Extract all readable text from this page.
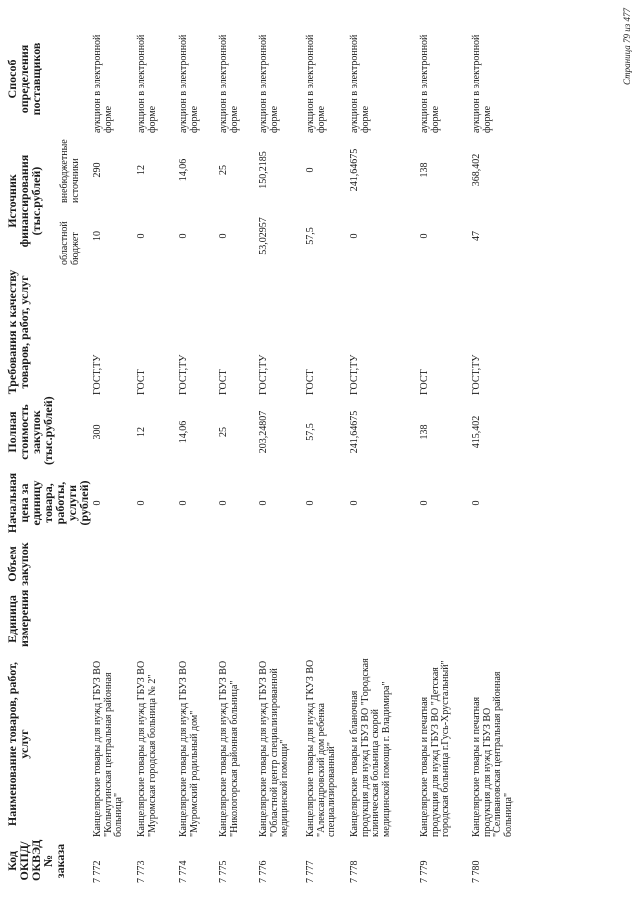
Код ОКПД/ ОКВЭД № заказа	Наименование товаров, работ, услуг	Единица измерения	Объем закупок	Начальная цена за единицу товара, работы, услуги (рублей)	Полная стоимость закупок (тыс.рублей)	Требования к качеству товаров, работ, услуг	Источник финансирования (тыс.рублей)		Способ определения поставщиков
							областной бюджет	внебюджетные источники	
7 772	Канцелярские товары для нужд ГБУЗ ВО "Кольчугинская центральная районная больница"			0	300	ГОСТ,ТУ	10	290	аукцион в электронной форме
7 773	Канцелярские товары для нужд ГБУЗ ВО "Муромская городская больница № 2"			0	12	ГОСТ	0	12	аукцион в электронной форме
7 774	Канцелярские товары для нужд ГБУЗ ВО "Муромский родильный дом"			0	14,06	ГОСТ,ТУ	0	14,06	аукцион в электронной форме
7 775	Канцелярские товары для нужд ГБУЗ ВО "Никологорская районная больница"			0	25	ГОСТ	0	25	аукцион в электронной форме
7 776	Канцелярские товары для нужд ГБУЗ ВО "Областной центр специализированной медицинской помощи"			0	203,24807	ГОСТ,ТУ	53,02957	150,2185	аукцион в электронной форме
7 777	Канцелярские товары для нужд ГКУЗ ВО "Александровский дом ребенка специализированный"			0	57,5	ГОСТ	57,5	0	аукцион в электронной форме
7 778	Канцелярские товары и бланочная продукция для нужд ГБУЗ ВО "Городская клиническая больница скорой медицинской помощи г. Владимира"			0	241,64675	ГОСТ,ТУ	0	241,64675	аукцион в электронной форме
7 779	Канцелярские товары и печатная продукция для нужд ГБУЗ ВО "Детская городская больница г.Гусь-Хрустальный"			0	138	ГОСТ	0	138	аукцион в электронной форме
7 780	Канцелярские товары и печатная продукция для нужд ГБУЗ ВО "Селивановская центральная районная больница"			0	415,402	ГОСТ,ТУ	47	368,402	аукцион в электронной форме
Страница 79 из 477
